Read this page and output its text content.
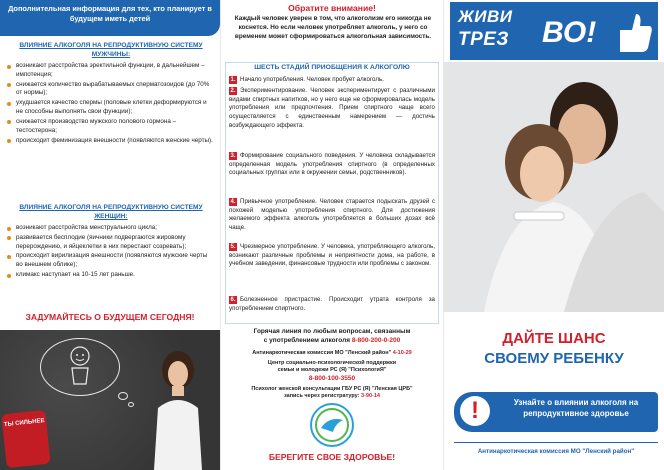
Дополнительная информация для тех, кто планирует в будущем иметь детей
ВЛИЯНИЕ АЛКОГОЛЯ НА РЕПРОДУКТИВНУЮ СИСТЕМУ МУЖЧИНЫ:
возникают расстройства эректильной функции, в дальнейшем – импотенция;
снижается количество вырабатываемых сперматозоидов (до 70% от нормы);
ухудшается качество спермы (половые клетки деформируются и не способны выполнять свои функции);
снижается производство мужского полового гормона – тестостерона;
происходит феминизация внешности (появляются женские черты).
ВЛИЯНИЕ АЛКОГОЛЯ НА РЕПРОДУКТИВНУЮ СИСТЕМУ ЖЕНЩИН:
возникают расстройства менструального цикла;
развивается бесплодие (яичники подвергаются жировому перерождению, и яйцеклетки в них перестают созревать);
происходит вирилизация внешности (появляются мужские черты во внешнем облике);
климакс наступает на 10-15 лет раньше.
ЗАДУМАЙТЕСЬ О БУДУЩЕМ СЕГОДНЯ!
ТЫ СИЛЬНЕЕ
Обратите внимание!
Каждый человек уверен в том, что алкоголизм его никогда не коснется. Но если человек употребляет алкоголь, у него со временем может сформироваться алкогольная зависимость.
ШЕСТЬ СТАДИЙ ПРИОБЩЕНИЯ К АЛКОГОЛЮ
1. Начало употребления. Человек пробует алкоголь.
2. Экспериментирование. Человек экспериментирует с различными видами спиртных напитков, но у него еще не сформировалась модель употребления или предпочтения. Прием спиртного чаще всего осуществляется с единственным намерением — достичь возбуждающего эффекта.
3. Формирование социального поведения. У человека складывается определенная модель употребления спиртного (в определенных социальных группах или в окружении семьи, родственников).
4. Привычное употребление. Человек старается подыскать друзей с похожей моделью употребления спиртного. Для достижения желаемого эффекта алкоголь употребляется в больших дозах всё чаще.
5. Чрезмерное употребление. У человека, употребляющего алкоголь, возникают различные проблемы и неприятности дома, на работе, в учебном заведении, финансовые трудности или проблемы с законом.
6. Болезненное пристрастие. Происходит утрата контроля за употреблением спиртного.
Горячая линия по любым вопросам, связанным
с употреблением алкоголя 8-800-200-0-200
Антинаркотическая комиссия МО "Ленский район" 4-10-29
Центр социально-психологической поддержки
семьи и молодежи РС (Я) "ПсихологиЯ"
8-800-100-3550
Психолог женской консультации ГБУ РС (Я) "Ленская ЦРБ"
запись через регистратуру: 3-90-14
БЕРЕГИТЕ СВОЕ ЗДОРОВЬЕ!
ЖИВИ
ТРЕЗ ВО!
ДАЙТЕ ШАНС
СВОЕМУ РЕБЕНКУ
!	Узнайте о влиянии алкоголя на репродуктивное здоровье
Антинаркотическая комиссия МО "Ленский район"
